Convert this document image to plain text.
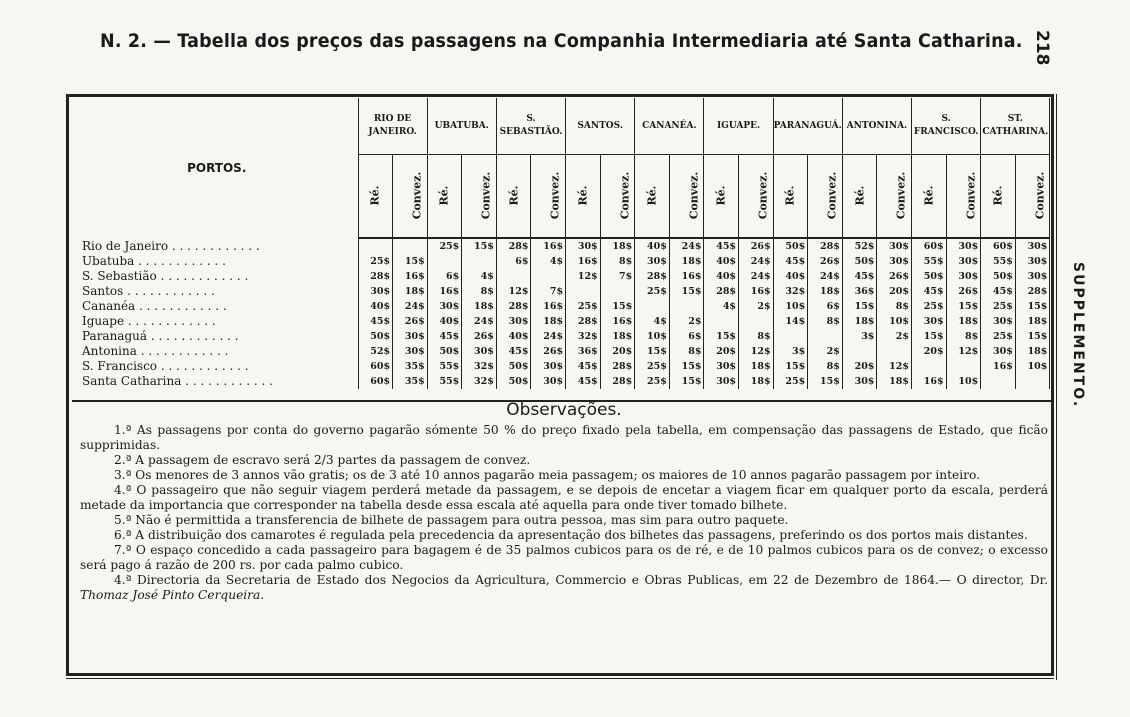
N. 2. — Tabella dos preços das passagens na Companhia Intermediaria até Santa Catharina. 218
SUPPLEMENTO.
PORTOS.	RIO DE JANEIRO.		UBATUBA.		S. SEBASTIÃO.		SANTOS.		CANANÉA.		IGUAPE.		PARANAGUÁ.		ANTONINA.		S. FRANCISCO.		ST. CATHARINA.	
	Ré.	Convez.	Ré.	Convez.	Ré.	Convez.	Ré.	Convez.	Ré.	Convez.	Ré.	Convez.	Ré.	Convez.	Ré.	Convez.	Ré.	Convez.	Ré.	Convez.
Rio de Janeiro . . . . . . . . . . . .			25$	15$	28$	16$	30$	18$	40$	24$	45$	26$	50$	28$	52$	30$	60$	30$	60$	30$
Ubatuba . . . . . . . . . . . .	25$	15$			6$	4$	16$	8$	30$	18$	40$	24$	45$	26$	50$	30$	55$	30$	55$	30$
S. Sebastião . . . . . . . . . . . .	28$	16$	6$	4$			12$	7$	28$	16$	40$	24$	40$	24$	45$	26$	50$	30$	50$	30$
Santos . . . . . . . . . . . .	30$	18$	16$	8$	12$	7$			25$	15$	28$	16$	32$	18$	36$	20$	45$	26$	45$	28$
Cananéa . . . . . . . . . . . .	40$	24$	30$	18$	28$	16$	25$	15$			4$	2$	10$	6$	15$	8$	25$	15$	25$	15$
Iguape . . . . . . . . . . . .	45$	26$	40$	24$	30$	18$	28$	16$	4$	2$			14$	8$	18$	10$	30$	18$	30$	18$
Paranaguá . . . . . . . . . . . .	50$	30$	45$	26$	40$	24$	32$	18$	10$	6$	15$	8$			3$	2$	15$	8$	25$	15$
Antonina . . . . . . . . . . . .	52$	30$	50$	30$	45$	26$	36$	20$	15$	8$	20$	12$	3$	2$			20$	12$	30$	18$
S. Francisco . . . . . . . . . . . .	60$	35$	55$	32$	50$	30$	45$	28$	25$	15$	30$	18$	15$	8$	20$	12$			16$	10$
Santa Catharina . . . . . . . . . . . .	60$	35$	55$	32$	50$	30$	45$	28$	25$	15$	30$	18$	25$	15$	30$	18$	16$	10$		
Observações.

1.ª As passagens por conta do governo pagarão sómente 50 % do preço fixado pela tabella, em compensação das passagens de Estado, que ficão supprimidas.

2.ª A passagem de escravo será 2/3 partes da passagem de convez.

3.ª Os menores de 3 annos vão gratis; os de 3 até 10 annos pagarão meia passagem; os maiores de 10 annos pagarão passagem por inteiro.

4.ª O passageiro que não seguir viagem perderá metade da passagem, e se depois de encetar a viagem ficar em qualquer porto da escala, perderá metade da importancia que corresponder na tabella desde essa escala até aquella para onde tiver tomado bilhete.

5.ª Não é permittida a transferencia de bilhete de passagem para outra pessoa, mas sim para outro paquete.

6.ª A distribuição dos camarotes é regulada pela precedencia da apresentação dos bilhetes das passagens, preferindo os dos portos mais distantes.

7.ª O espaço concedido a cada passageiro para bagagem é de 35 palmos cubicos para os de ré, e de 10 palmos cubicos para os de convez; o excesso será pago á razão de 200 rs. por cada palmo cubico.

4.ª Directoria da Secretaria de Estado dos Negocios da Agricultura, Commercio e Obras Publicas, em 22 de Dezembro de 1864.— O director, Dr. Thomaz José Pinto Cerqueira.
